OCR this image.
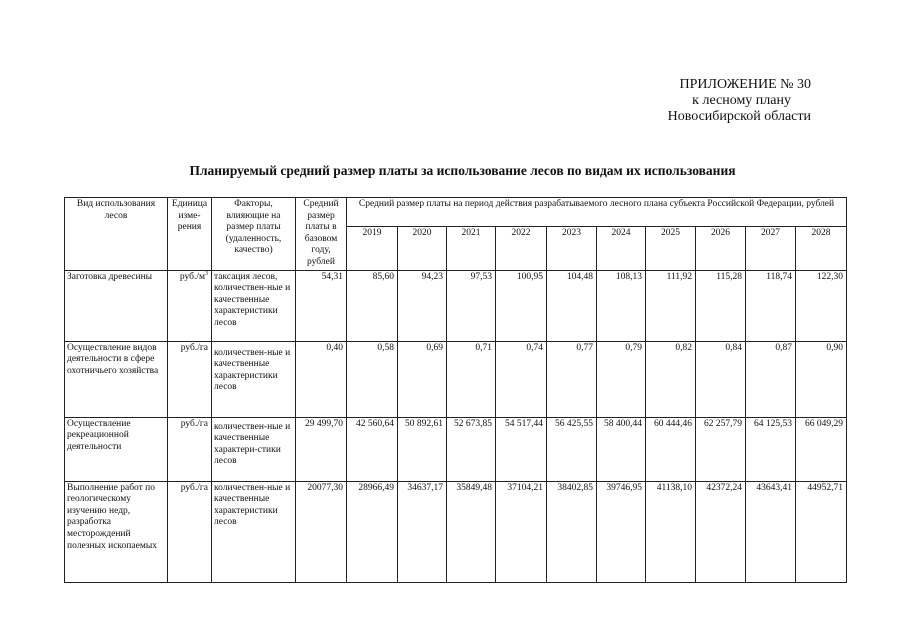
ПРИЛОЖЕНИЕ № 30
к лесному плану
Новосибирской области
Планируемый средний размер платы за использование лесов по видам их использования
Вид использования лесов	Единица изме-рения	Факторы, влияющие на размер платы (удаленность, качество)	Средний размер платы в базовом году, рублей	Средний размер платы на период действия разрабатываемого лесного плана субъекта Российской Федерации, рублей									
				2019	2020	2021	2022	2023	2024	2025	2026	2027	2028
Заготовка древесины	$руб./м^3$	таксация лесов, количествен-ные и качественные характеристики лесов	54,31	85,60	94,23	97,53	100,95	104,48	108,13	111,92	115,28	118,74	122,30
Осуществление видов деятельности в сфере охотничьего хозяйства	руб./га	количествен-ные и качественные характеристики лесов	0,40	0,58	0,69	0,71	0,74	0,77	0,79	0,82	0,84	0,87	0,90
Осуществление рекреационной деятельности	руб./га	количествен-ные и качественные характери-стики лесов	29 499,70	42 560,64	50 892,61	52 673,85	54 517,44	56 425,55	58 400,44	60 444,46	62 257,79	64 125,53	66 049,29
Выполнение работ по геологическому изучению недр, разработка месторождений полезных ископаемых	руб./га	количествен-ные и качественные характеристики лесов	20077,30	28966,49	34637,17	35849,48	37104,21	38402,85	39746,95	41138,10	42372,24	43643,41	44952,71
